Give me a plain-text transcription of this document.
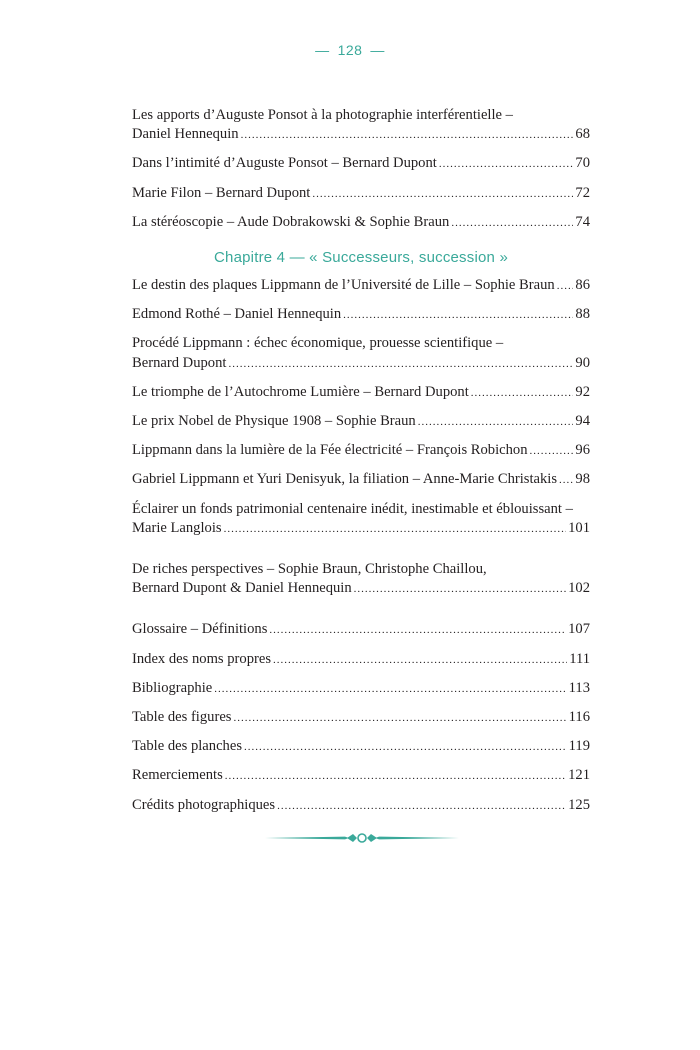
— 128 —
Les apports d’Auguste Ponsot à la photographie interférentielle –
Daniel Hennequin .....	68
Dans l’intimité d’Auguste Ponsot – Bernard Dupont .....	70
Marie Filon – Bernard Dupont .....	72
La stéréoscopie – Aude Dobrakowski & Sophie Braun .....	74
Chapitre 4 — « Successeurs, succession »
Le destin des plaques Lippmann de l’Université de Lille – Sophie Braun ..... 86
Edmond Rothé – Daniel Hennequin .....	88
Procédé Lippmann : échec économique, prouesse scientifique –
Bernard Dupont .....	90
Le triomphe de l’Autochrome Lumière – Bernard Dupont .....	92
Le prix Nobel de Physique 1908 – Sophie Braun .....	94
Lippmann dans la lumière de la Fée électricité – François Robichon .....	96
Gabriel Lippmann et Yuri Denisyuk, la filiation – Anne-Marie Christakis ..... 98
Éclairer un fonds patrimonial centenaire inédit, inestimable et éblouissant –
Marie Langlois .....	101
De riches perspectives – Sophie Braun, Christophe Chaillou,
Bernard Dupont & Daniel Hennequin .....	102
Glossaire – Définitions .....	107
Index des noms propres .....	111
Bibliographie .....	113
Table des figures .....	116
Table des planches .....	119
Remerciements .....	121
Crédits photographiques .....	125
